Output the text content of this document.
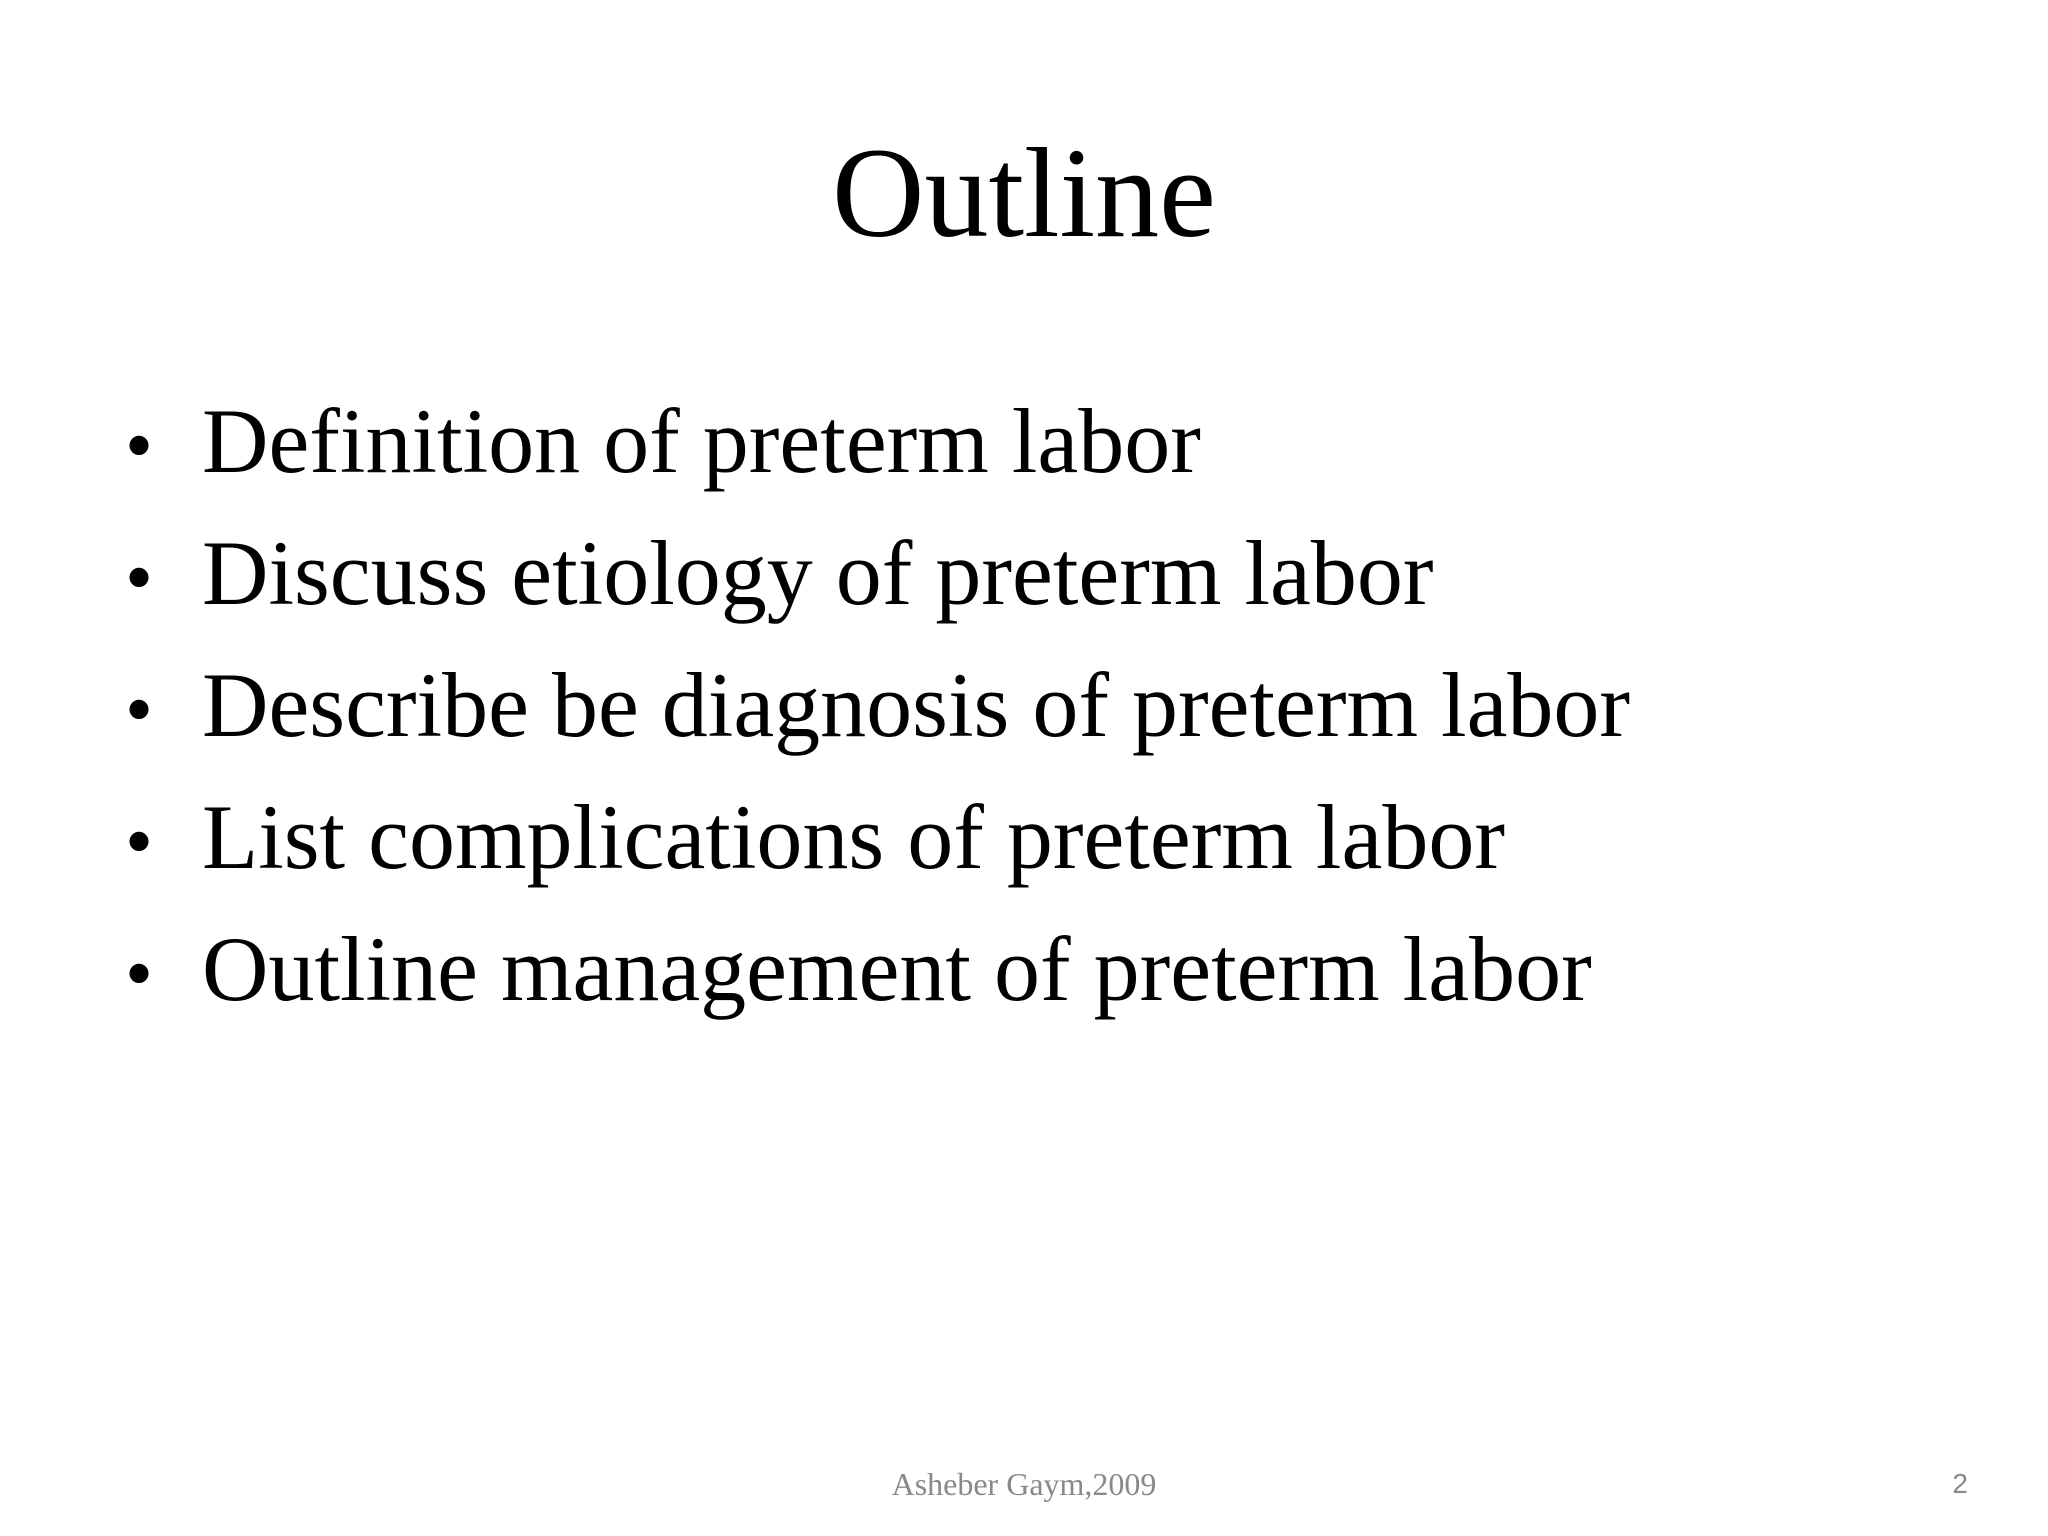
Outline
• Definition of preterm labor
• Discuss etiology of preterm labor
• Describe be diagnosis of preterm labor
• List complications of preterm labor
• Outline management of preterm labor
Asheber Gaym,2009	2
